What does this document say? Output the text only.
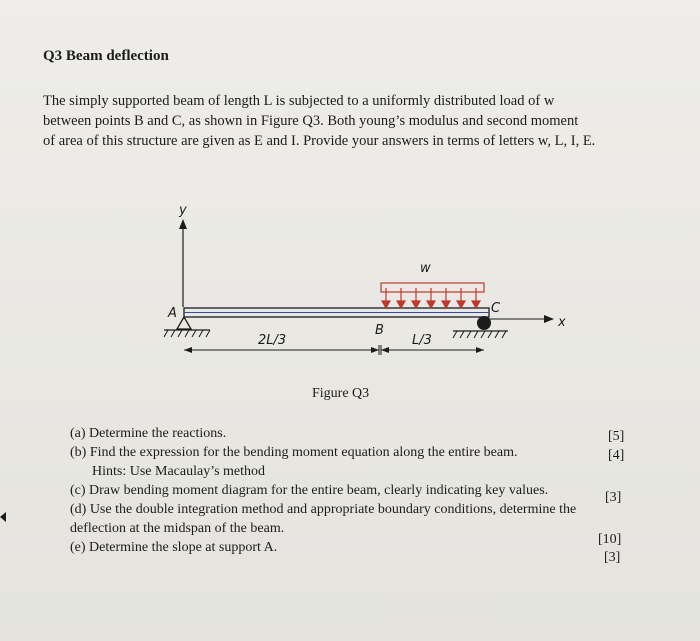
Q3 Beam deflection
The simply supported beam of length L is subjected to a uniformly distributed load of w
between points B and C, as shown in Figure Q3. Both young’s modulus and second moment
of area of this structure are given as E and I. Provide your answers in terms of letters w, L, I, E.
y
x
A
w
C
B
2L/3	L/3
Figure Q3
(a) Determine the reactions.
(b) Find the expression for the bending moment equation along the entire beam.
Hints: Use Macaulay’s method
(c) Draw bending moment diagram for the entire beam, clearly indicating key values.
(d) Use the double integration method and appropriate boundary conditions, determine the
deflection at the midspan of the beam.
(e) Determine the slope at support A.
[5]
[4]
[3]
[10]
[3]
